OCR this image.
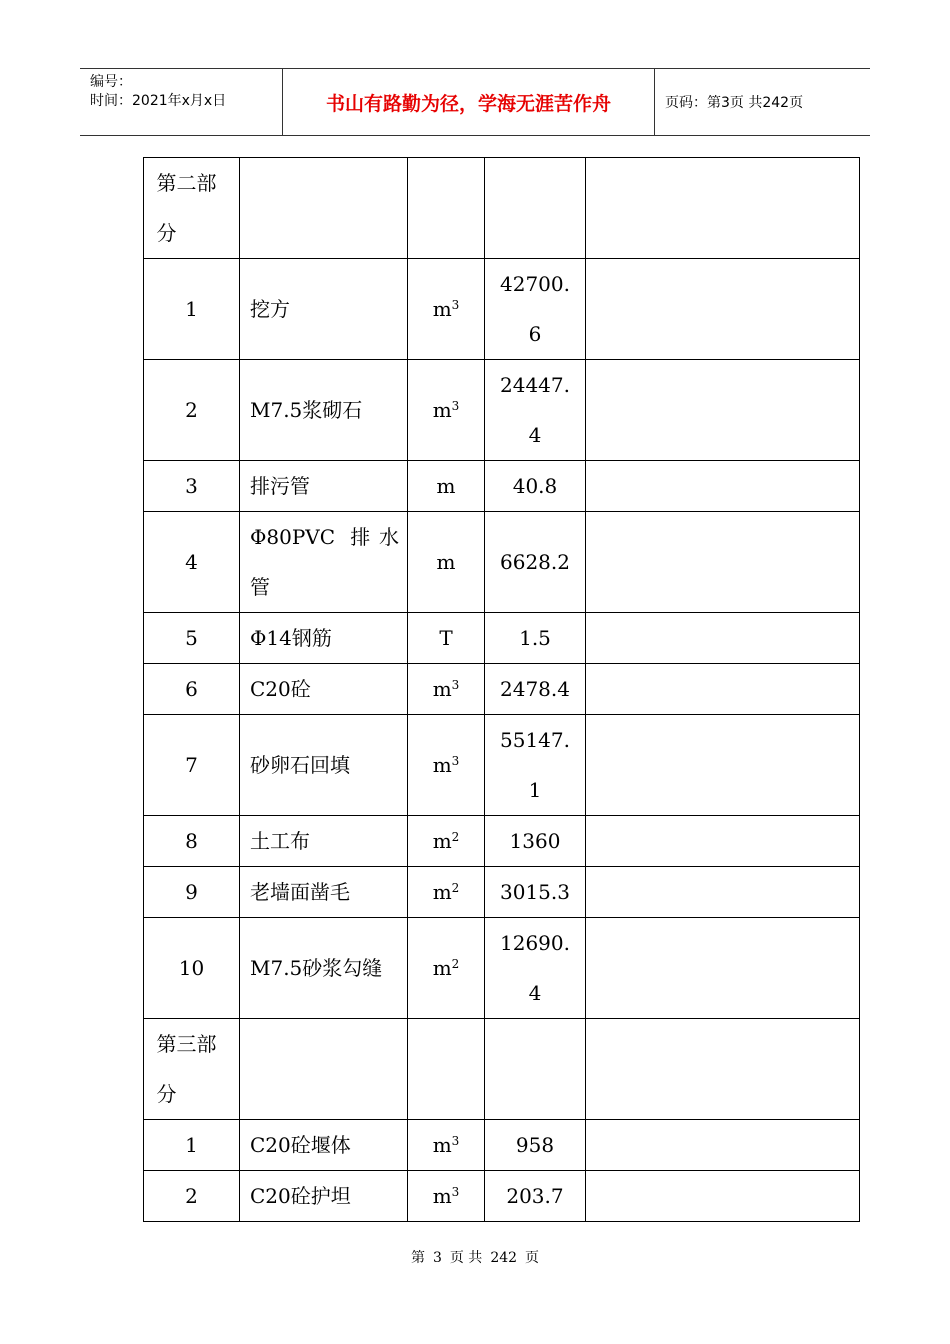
编号：
时间：2021年x月x日	书山有路勤为径，学海无涯苦作舟	页码：第3页 共242页
第二部分				

1	挖方	$m^3$	42700.6	

2	M7.5浆砌石	$m^3$	24447.4	

3	排污管	m	40.8	
4	Φ80PVC 排水管	m	6628.2	
5	Φ14钢筋	T	1.5	
6	C20砼	$m^3$	2478.4	
7	砂卵石回填	$m^3$	55147.1	

8	土工布	$m^2$	1360	
9	老墙面凿毛	$m^2$	3015.3	
10	M7.5砂浆勾缝	$m^2$	12690.4	

第三部分				

1	C20砼堰体	$m^3$	958	
2	C20砼护坦	$m^3$	203.7	
第 3 页 共 242 页
